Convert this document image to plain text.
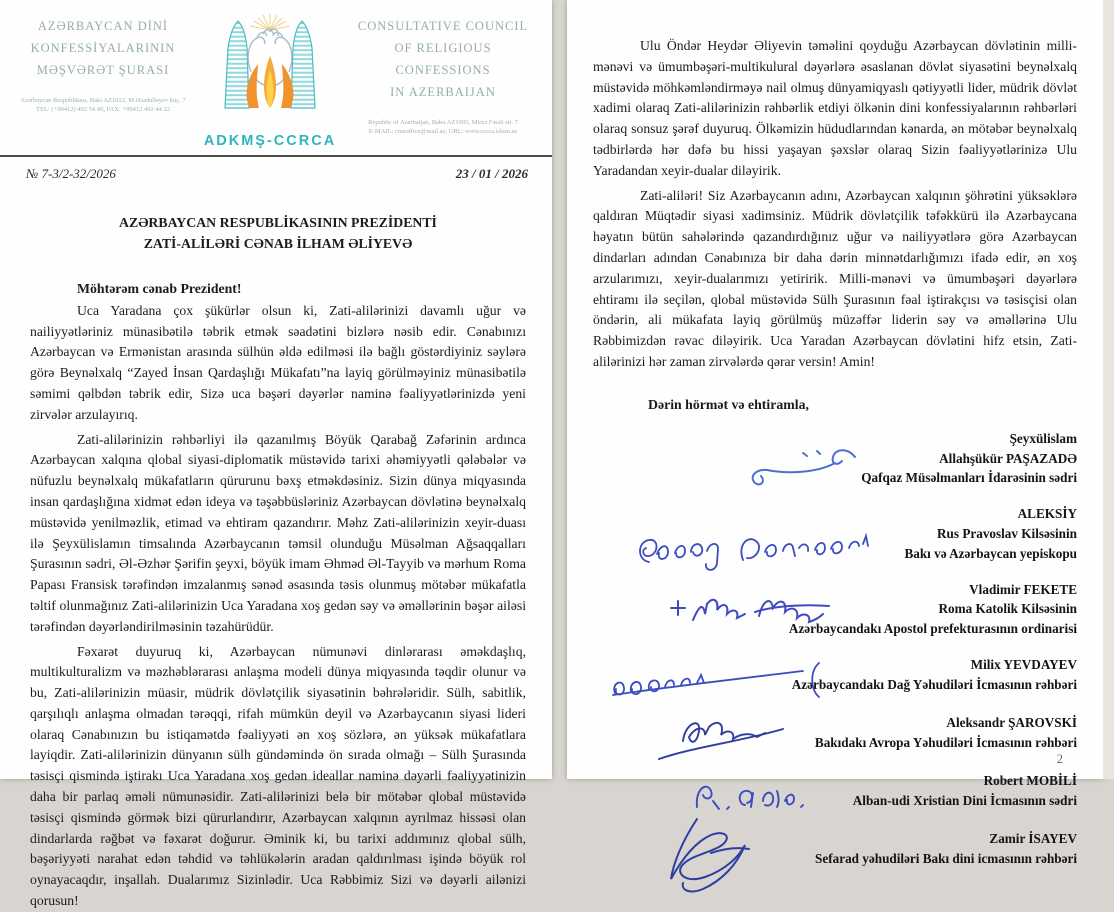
AZƏRBAYCAN DİNİ
KONFESSİYALARININ
MƏŞVƏRƏT ŞURASI
Azərbaycan Respublikası, Bakı AZ1022, M.Əsədullayev küç. 7
TEL: (+99412) 492 54 49, FAX: +99412 492 44 22
ADKMŞ-CCRCA
CONSULTATIVE COUNCIL
OF RELIGIOUS CONFESSIONS
IN AZERBAIJAN
Republic of Azerbaijan, Baku AZ1005, Mirzə Fətəli str. 7
E-MAIL: cmsoffice@mail.az, URL: www.ccrca.islam.az
№ 7-3/2-32/2026	23 / 01 / 2026
AZƏRBAYCAN RESPUBLİKASININ PREZİDENTİ
ZATİ-ALİLƏRİ CƏNAB İLHAM ƏLİYEVƏ
Möhtərəm cənab Prezident!

Uca Yaradana çox şükürlər olsun ki, Zati-alilərinizi davamlı uğur və nailiyyətləriniz münasibətilə təbrik etmək səadətini bizlərə nəsib edir. Cənabınızı Azərbaycan və Ermənistan arasında sülhün əldə edilməsi ilə bağlı göstərdiyiniz səylərə görə Beynəlxalq “Zayed İnsan Qardaşlığı Mükafatı”na layiq görülməyiniz münasibətilə səmimi qəlbdən təbrik edir, Sizə uca bəşəri dəyərlər naminə fəaliyyətlərinizdə yeni zirvələr arzulayırıq.

Zati-alilərinizin rəhbərliyi ilə qazanılmış Böyük Qarabağ Zəfərinin ardınca Azərbaycan xalqına qlobal siyasi-diplomatik müstəvidə tarixi əhəmiyyətli qələbələr və nüfuzlu beynəlxalq mükafatların qürurunu bəxş etməkdəsiniz. Sizin dünya miqyasında insan qardaşlığına xidmət edən ideya və təşəbbüsləriniz Azərbaycan dövlətinə beynəlxalq müstəvidə yenilməzlik, etimad və ehtiram qazandırır. Məhz Zati-alilərinizin xeyir-duası ilə Şeyxülislamın timsalında Azərbaycanın təmsil olunduğu Müsəlman Ağsaqqalları Şurasının sədri, Əl-Əzhər Şərifin şeyxi, böyük imam Əhməd Əl-Tayyib və mərhum Roma Papası Fransisk tərəfindən imzalanmış sənəd əsasında təsis olunmuş mötəbər mükafatla təltif olunmağınız Zati-alilərinizin Uca Yaradana xoş gedən səy və əməllərinin bəşər ailəsi tərəfindən dəyərləndirilməsinin təzahürüdür.

Fəxarət duyuruq ki, Azərbaycan nümunəvi dinlərarası əməkdaşlıq, multikulturalizm və məzhəblərarası anlaşma modeli dünya miqyasında təqdir olunur və bu, Zati-alilərinizin müasir, müdrik dövlətçilik siyasətinin bəhrələridir. Sülh, sabitlik, qarşılıqlı anlaşma olmadan tərəqqi, rifah mümkün deyil və Azərbaycanın siyasi lideri olaraq Cənabınızın bu istiqamətdə fəaliyyəti ən xoş sözlərə, ən yüksək mükafatlara layiqdir. Zati-alilərinizin dünyanın sülh gündəmində ön sırada olmağı – Sülh Şurasında təsisçi qismində iştirakı Uca Yaradana xoş gedən ideallar naminə dəyərli fəaliyyətinizin daha bir parlaq əməli nümunəsidir. Zati-alilərinizi belə bir mötəbər qlobal müstəvidə təsisçi qismində görmək bizi qürurlandırır, Azərbaycan xalqının ayrılmaz hissəsi olan dindarlarda rəğbət və fəxarət doğurur. Əminik ki, bu tarixi addımınız qlobal sülh, bəşəriyyəti narahat edən təhdid və təhlükələrin aradan qaldırılması işində böyük rol oynayacaqdır, inşallah. Dualarımız Sizinlədir. Uca Rəbbimiz Sizi və dəyərli ailənizi qorusun!

Ulu Öndər Heydər Əliyevin təməlini qoyduğu Azərbaycan dövlətinin milli-mənəvi və ümumbəşəri-multikulural dəyərlərə əsaslanan dövlət siyasətini beynəlxalq müstəvidə möhkəmləndirməyə nail olmuş dünyamiqyaslı qətiyyətli lider, müdrik dövlət xadimi olaraq Zati-alilərinizin rəhbərlik etdiyi ölkənin dini konfessiyalarının rəhbərləri olaraq sonsuz şərəf duyuruq. Ölkəmizin hüdudlarından kənarda, ən mötəbər beynəlxalq tədbirlərdə hər dəfə bu hissi yaşayan şəxslər olaraq Sizin fəaliyyətlərinizə Ulu Yaradandan xeyir-dualar diləyirik.

Zati-aliləri! Siz Azərbaycanın adını, Azərbaycan xalqının şöhrətini yüksəklərə qaldıran Müqtədir siyasi xadimsiniz. Müdrik dövlətçilik təfəkkürü ilə Azərbaycana həyatın bütün sahələrində qazandırdığınız uğur və nailiyyətlərə görə Azərbaycan dindarları adından Cənabınıza bir daha dərin minnətdarlığımızı ifadə edir, ən xoş arzularımızı, xeyir-dualarımızı yetiririk. Milli-mənəvi və ümumbəşəri dəyərlərə ehtiramı ilə seçilən, qlobal müstəvidə Sülh Şurasının fəal iştirakçısı və təsisçisi olan öndərin, ali mükafata layiq görülmüş müzəffər liderin səy və əməllərinə Ulu Rəbbimizdən rəvac diləyirik. Uca Yaradan Azərbaycan dövlətini hifz etsin, Zati-alilərinizi hər zaman zirvələrdə qərar versin! Amin!

Dərin hörmət və ehtiramla,
Şeyxülislam
Allahşükür PAŞAZADƏ
Qafqaz Müsəlmanları İdarəsinin sədri
ALEKSİY
Rus Pravoslav Kilsəsinin
Bakı və Azərbaycan yepiskopu
Vladimir FEKETE
Roma Katolik Kilsəsinin
Azərbaycandakı Apostol prefekturasının ordinarisi
Milix YEVDAYEV
Azərbaycandakı Dağ Yəhudiləri İcmasının rəhbəri
Aleksandr ŞAROVSKİ
Bakıdakı Avropa Yəhudiləri İcmasının rəhbəri
Robert MOBİLİ
Alban-udi Xristian Dini İcmasının sədri
Zamir İSAYEV
Sefarad yəhudiləri Bakı dini icmasının rəhbəri
2
